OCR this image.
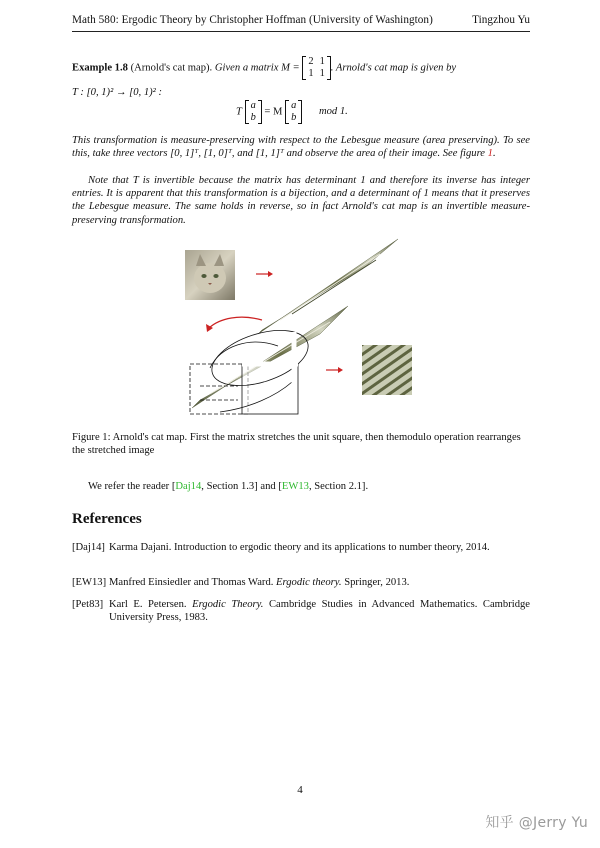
Math 580: Ergodic Theory by Christopher Hoffman (University of Washington)	Tingzhou Yu
Example 1.8 (Arnold's cat map). Given a matrix M =
2	1
1	1
. Arnold's cat map is given by
T : [0, 1)² → [0, 1)² :
T
a
b
= M
a
b
mod 1.
This transformation is measure-preserving with respect to the Lebesgue measure (area preserving). To see this, take three vectors [0, 1]ᵀ, [1, 0]ᵀ, and [1, 1]ᵀ and observe the area of their image. See figure 1.
Note that T is invertible because the matrix has determinant 1 and therefore its inverse has integer entries. It is apparent that this transformation is a bijection, and a determinant of 1 means that it preserves the Lebesgue measure. The same holds in reverse, so in fact Arnold's cat map is an invertible measure-preserving transformation.
Figure 1: Arnold's cat map. First the matrix stretches the unit square, then themodulo operation rearranges the stretched image
We refer the reader [Daj14, Section 1.3] and [EW13, Section 2.1].
References
[Daj14] Karma Dajani. Introduction to ergodic theory and its applications to number theory, 2014.
[EW13] Manfred Einsiedler and Thomas Ward. Ergodic theory. Springer, 2013.
[Pet83] Karl E. Petersen. Ergodic Theory. Cambridge Studies in Advanced Mathematics. Cambridge University Press, 1983.
4
知乎 @Jerry Yu
